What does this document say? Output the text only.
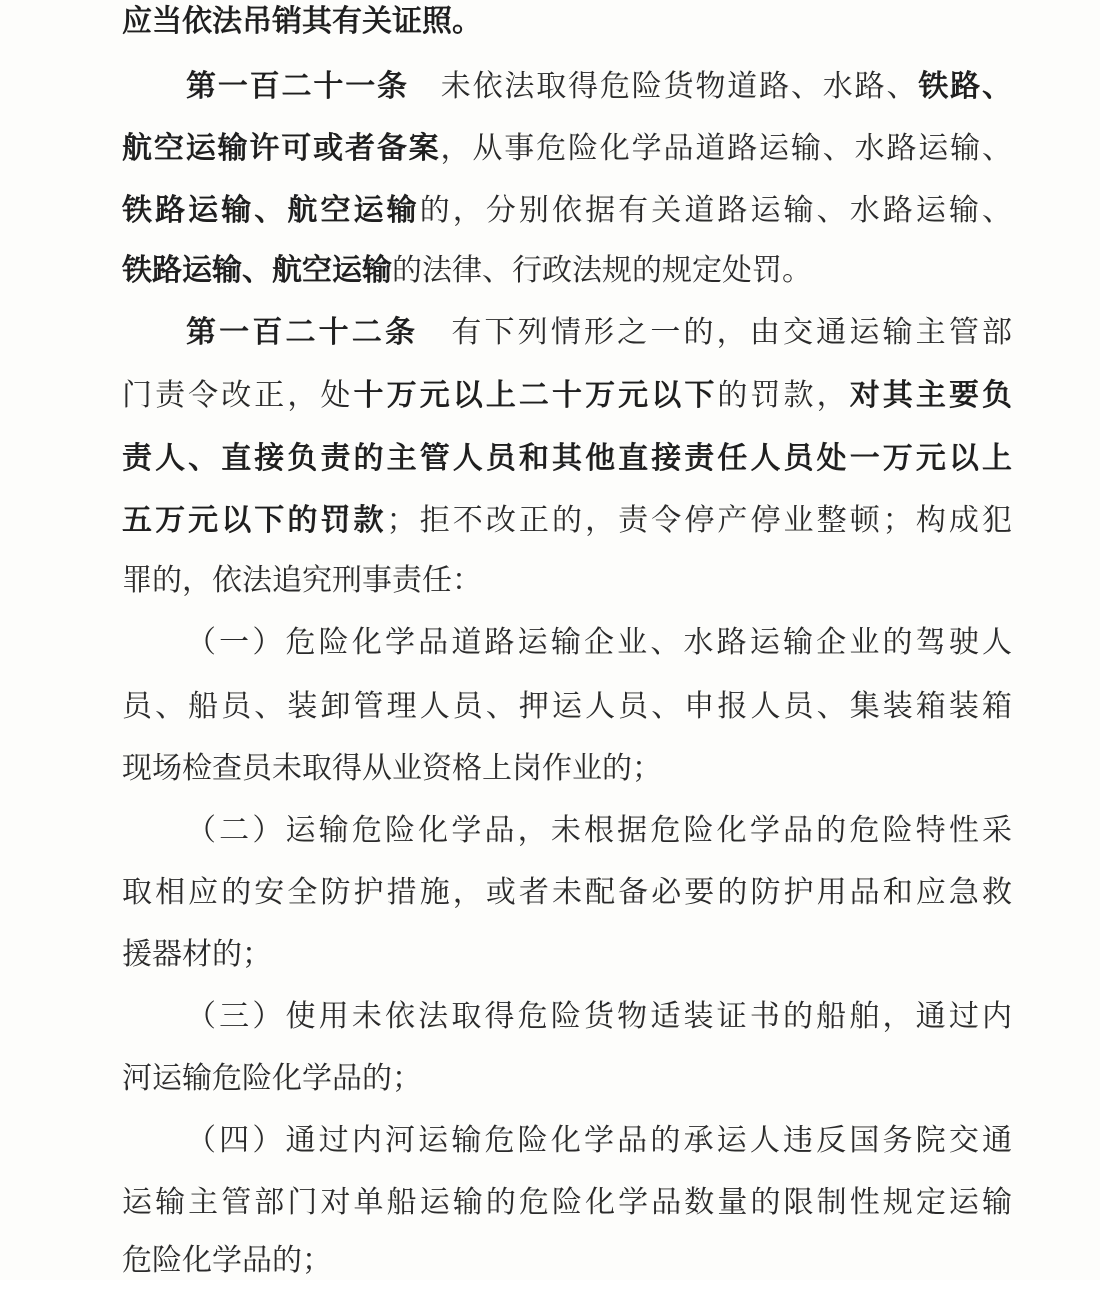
应当依法吊销其有关证照。
第一百二十一条　未依法取得危险货物道路、水路、铁路、
航空运输许可或者备案，从事危险化学品道路运输、水路运输、
铁路运输、航空运输的，分别依据有关道路运输、水路运输、
铁路运输、航空运输的法律、行政法规的规定处罚。
第一百二十二条　有下列情形之一的，由交通运输主管部
门责令改正，处十万元以上二十万元以下的罚款，对其主要负
责人、直接负责的主管人员和其他直接责任人员处一万元以上
五万元以下的罚款；拒不改正的，责令停产停业整顿；构成犯
罪的，依法追究刑事责任：
（一）危险化学品道路运输企业、水路运输企业的驾驶人
员、船员、装卸管理人员、押运人员、申报人员、集装箱装箱
现场检查员未取得从业资格上岗作业的；
（二）运输危险化学品，未根据危险化学品的危险特性采
取相应的安全防护措施，或者未配备必要的防护用品和应急救
援器材的；
（三）使用未依法取得危险货物适装证书的船舶，通过内
河运输危险化学品的；
（四）通过内河运输危险化学品的承运人违反国务院交通
运输主管部门对单船运输的危险化学品数量的限制性规定运输
危险化学品的；
